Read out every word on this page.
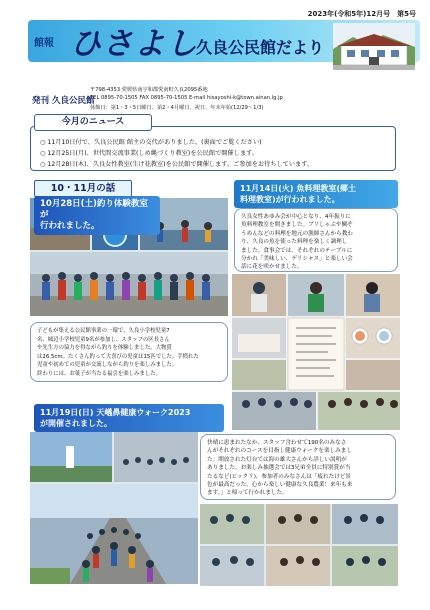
2023年(令和5年)12月号　第5号
館報 ひさよし
久良公民館だより
発刊 久良公民館
〒798-4353 愛媛県南宇和郡愛南町久良2095番地
TEL 0895-70-1505 FAX 0895-70-1505 E-mail hisayoshi-k@town.ainan.lg.jp
休館日：第1・3・5日曜日、第2・4月曜日、祝日、年末年始(12/29〜1/3)
今月のニュース
○ 11月10日付で、久良公民館 館主の交代がありました。(裏面でご覧ください)
○ 12月25日(月)、世代間交流事業(しめ縄づくり教室)を公民館で開催します。
○ 12月28日(木)、久良女性教室(生け花教室)を公民館で開催します。ご参加をお待ちしています。
10・11月の話
10月28日(土)釣り体験教室が
行われました。
子どもが集える公民館事業の一環で、久良小学校児童7
名、城辺小学校児童9名が参加し、スタッフの区長さん
や先生方の協力を得ながら釣りを体験しました。大物賞
は26.5cm。たくさん釣って大喜びの児童は15匹でした。手慣れた
児童や初めての児童が交流しながら釣りを楽しみました。
終わりには、お菓子が当たる福引を楽しみました。
11月14日(火) 魚料理教室(郷土
料理教室)が行われました。
久良女性あゆみ会が中心となり、4年振りに
魚料理教室を開きました。ブリしゃぶや鯛ぞ
うめんなどの料理を地元の漁師さんから教わ
り、久良の魚を使った料理を楽しく調理し
ました。食事会では、それぞれのテーブルに
分かれ「美味しい、デリシャス」と楽しい会
話に花を咲かせました。
11月19日(日) 天嶬鼻健康ウォーク2023
が開催されました。
快晴に恵まれたなか、スタッフ含わせて190名のみなさ
んがそれぞれのコースを目指し健康ウォークを楽しみまし
た。開放された灯台では海の雄大さんから詳しい説明が
ありました。お楽しみ抽選会では3兄弟全員に特別賞が当
たるなど(ビックリ)。参加者のみなさんは「疲れたけど景
色が最高だった。心から楽しい健康な久良農業！来年も来
ます。」と帰って行かれました。
